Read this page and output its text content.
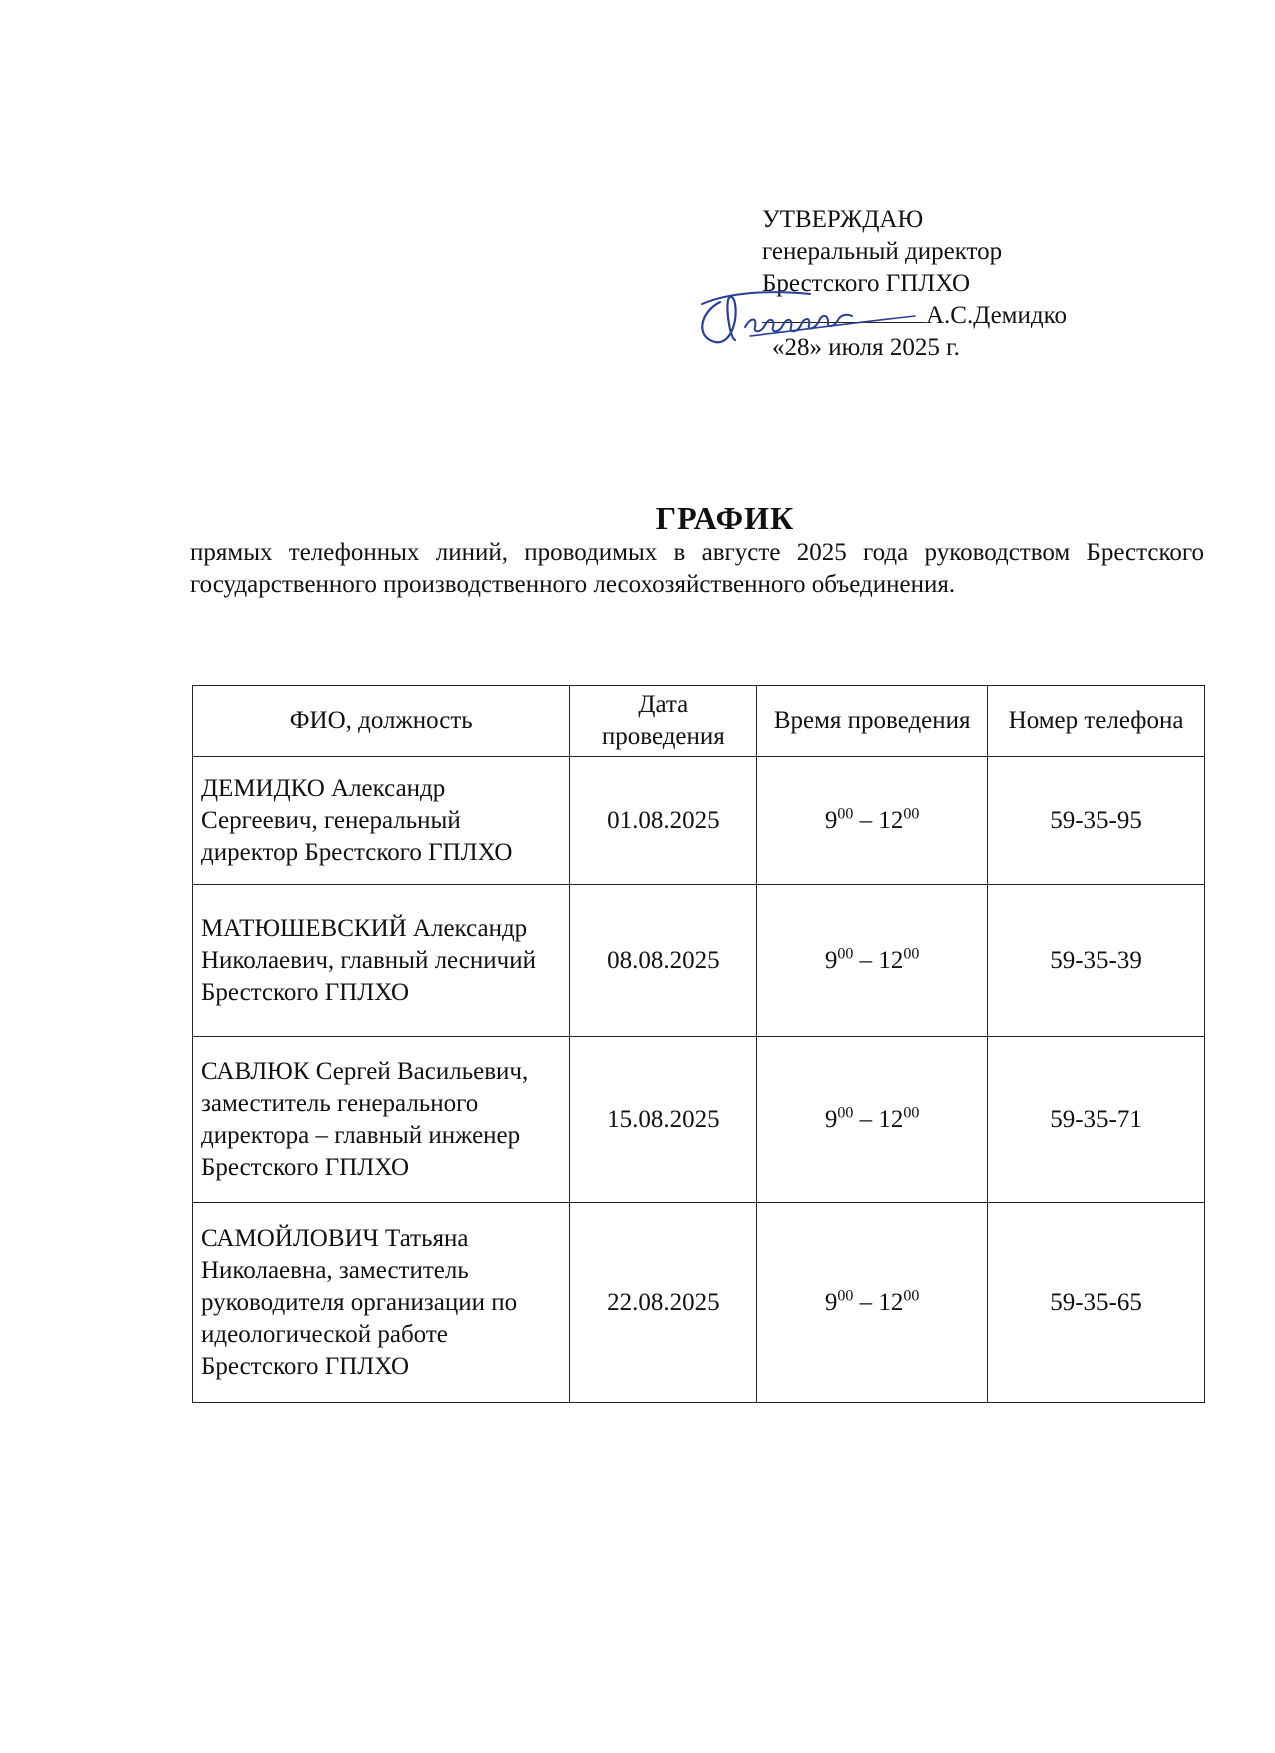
УТВЕРЖДАЮ
генеральный директор
Брестского ГПЛХО
А.С.Демидко
«28» июля 2025 г.
ГРАФИК
прямых телефонных линий, проводимых в августе 2025 года руководством Брестского государственного производственного лесохозяйственного объединения.
ФИО, должность	Дата проведения	Время проведения	Номер телефона
ДЕМИДКО Александр Сергеевич, генеральный директор Брестского ГПЛХО	01.08.2025	$9^{00} - 12^{00}$	59-35-95
МАТЮШЕВСКИЙ Александр Николаевич, главный лесничий Брестского ГПЛХО	08.08.2025	$9^{00} - 12^{00}$	59-35-39
САВЛЮК Сергей Васильевич, заместитель генерального директора – главный инженер Брестского ГПЛХО	15.08.2025	$9^{00} - 12^{00}$	59-35-71
САМОЙЛОВИЧ Татьяна Николаевна, заместитель руководителя организации по идеологической работе Брестского ГПЛХО	22.08.2025	$9^{00} - 12^{00}$	59-35-65
